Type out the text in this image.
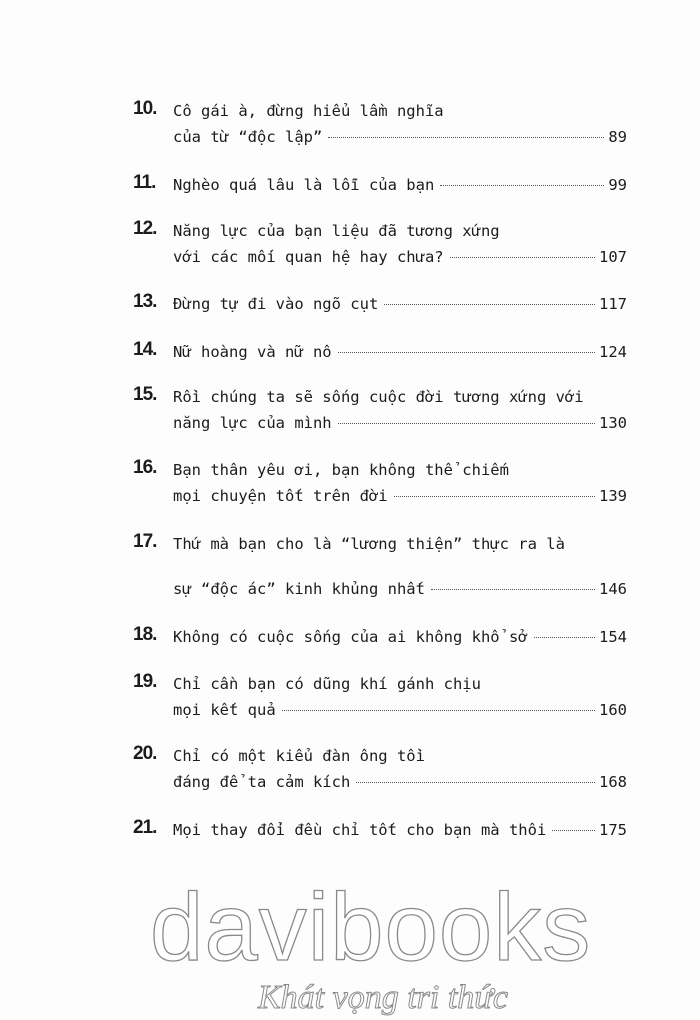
10. Cô gái à, đừng hiểu lầm nghĩa
của từ “độc lập”	89
11. Nghèo quá lâu là lỗi của bạn	99
12. Năng lực của bạn liệu đã tương xứng
với các mối quan hệ hay chưa?	107
13. Đừng tự đi vào ngõ cụt	117
14. Nữ hoàng và nữ nô	124
15. Rồi chúng ta sẽ sống cuộc đời tương xứng với
năng lực của mình	130
16. Bạn thân yêu ơi, bạn không thể chiếm
mọi chuyện tốt trên đời	139
17. Thứ mà bạn cho là “lương thiện” thực ra là
sự “độc ác” kinh khủng nhất	146
18. Không có cuộc sống của ai không khổ sở	154
19. Chỉ cần bạn có dũng khí gánh chịu
mọi kết quả	160
20. Chỉ có một kiểu đàn ông tồi
đáng để ta cảm kích	168
21. Mọi thay đổi đều chỉ tốt cho bạn mà thôi	175
davibooks
Khát vọng tri thức
